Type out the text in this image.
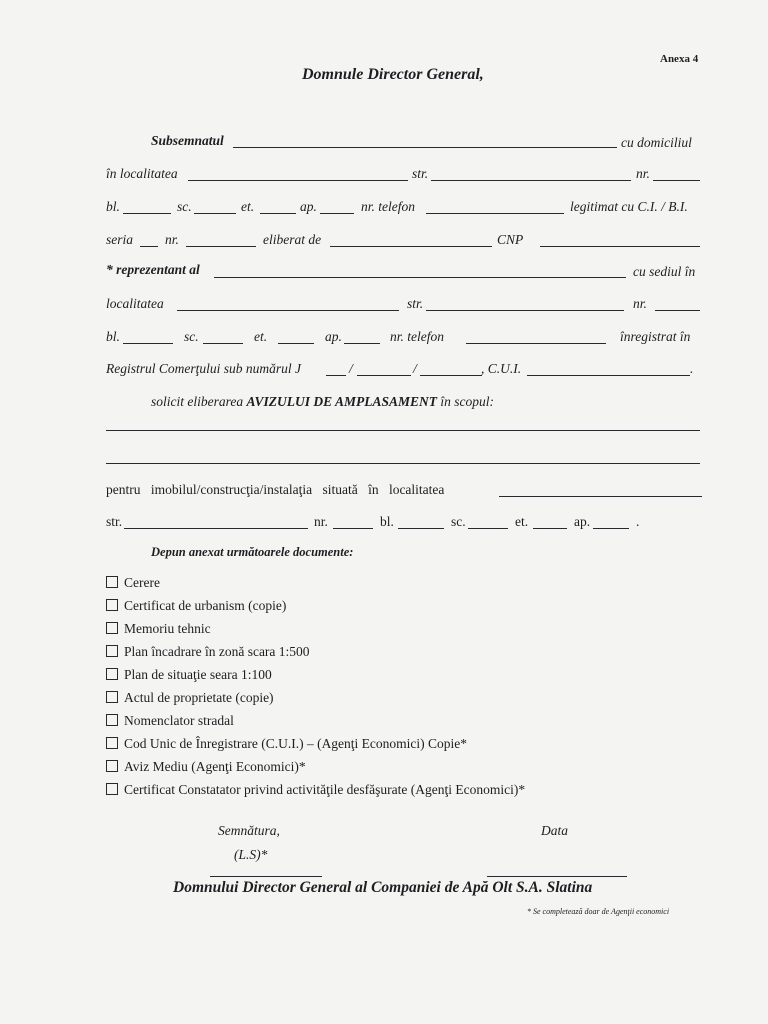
Anexa 4
Domnule Director General,
Subsemnatul	cu domiciliul
în localitatea	str.	nr.
bl.	sc.	et.	ap.	nr. telefon	legitimat cu C.I. / B.I.
seria nr.	eliberat de	CNP
* reprezentant al	cu sediul în
localitatea	str.	nr.
bl.	sc.	et.	ap.	nr. telefon	înregistrat în
Registrul Comerţului sub numărul J	/	/	, C.U.I.	.
solicit eliberarea AVIZULUI DE AMPLASAMENT în scopul:
pentru imobilul/construcţia/instalaţia situată în localitatea
str.	nr.	bl.	sc.	et.	ap.	.
Depun anexat următoarele documente:
Cerere
Certificat de urbanism (copie)
Memoriu tehnic
Plan încadrare în zonă scara 1:500
Plan de situaţie seara 1:100
Actul de proprietate (copie)
Nomenclator stradal
Cod Unic de Înregistrare (C.U.I.) – (Agenţi Economici) Copie*
Aviz Mediu (Agenţi Economici)*
Certificat Constatator privind activităţile desfăşurate (Agenţi Economici)*
Semnătura,
(L.S)*
Data
Domnului Director General al Companiei de Apă Olt S.A. Slatina
* Se completează doar de Agenţii economici
